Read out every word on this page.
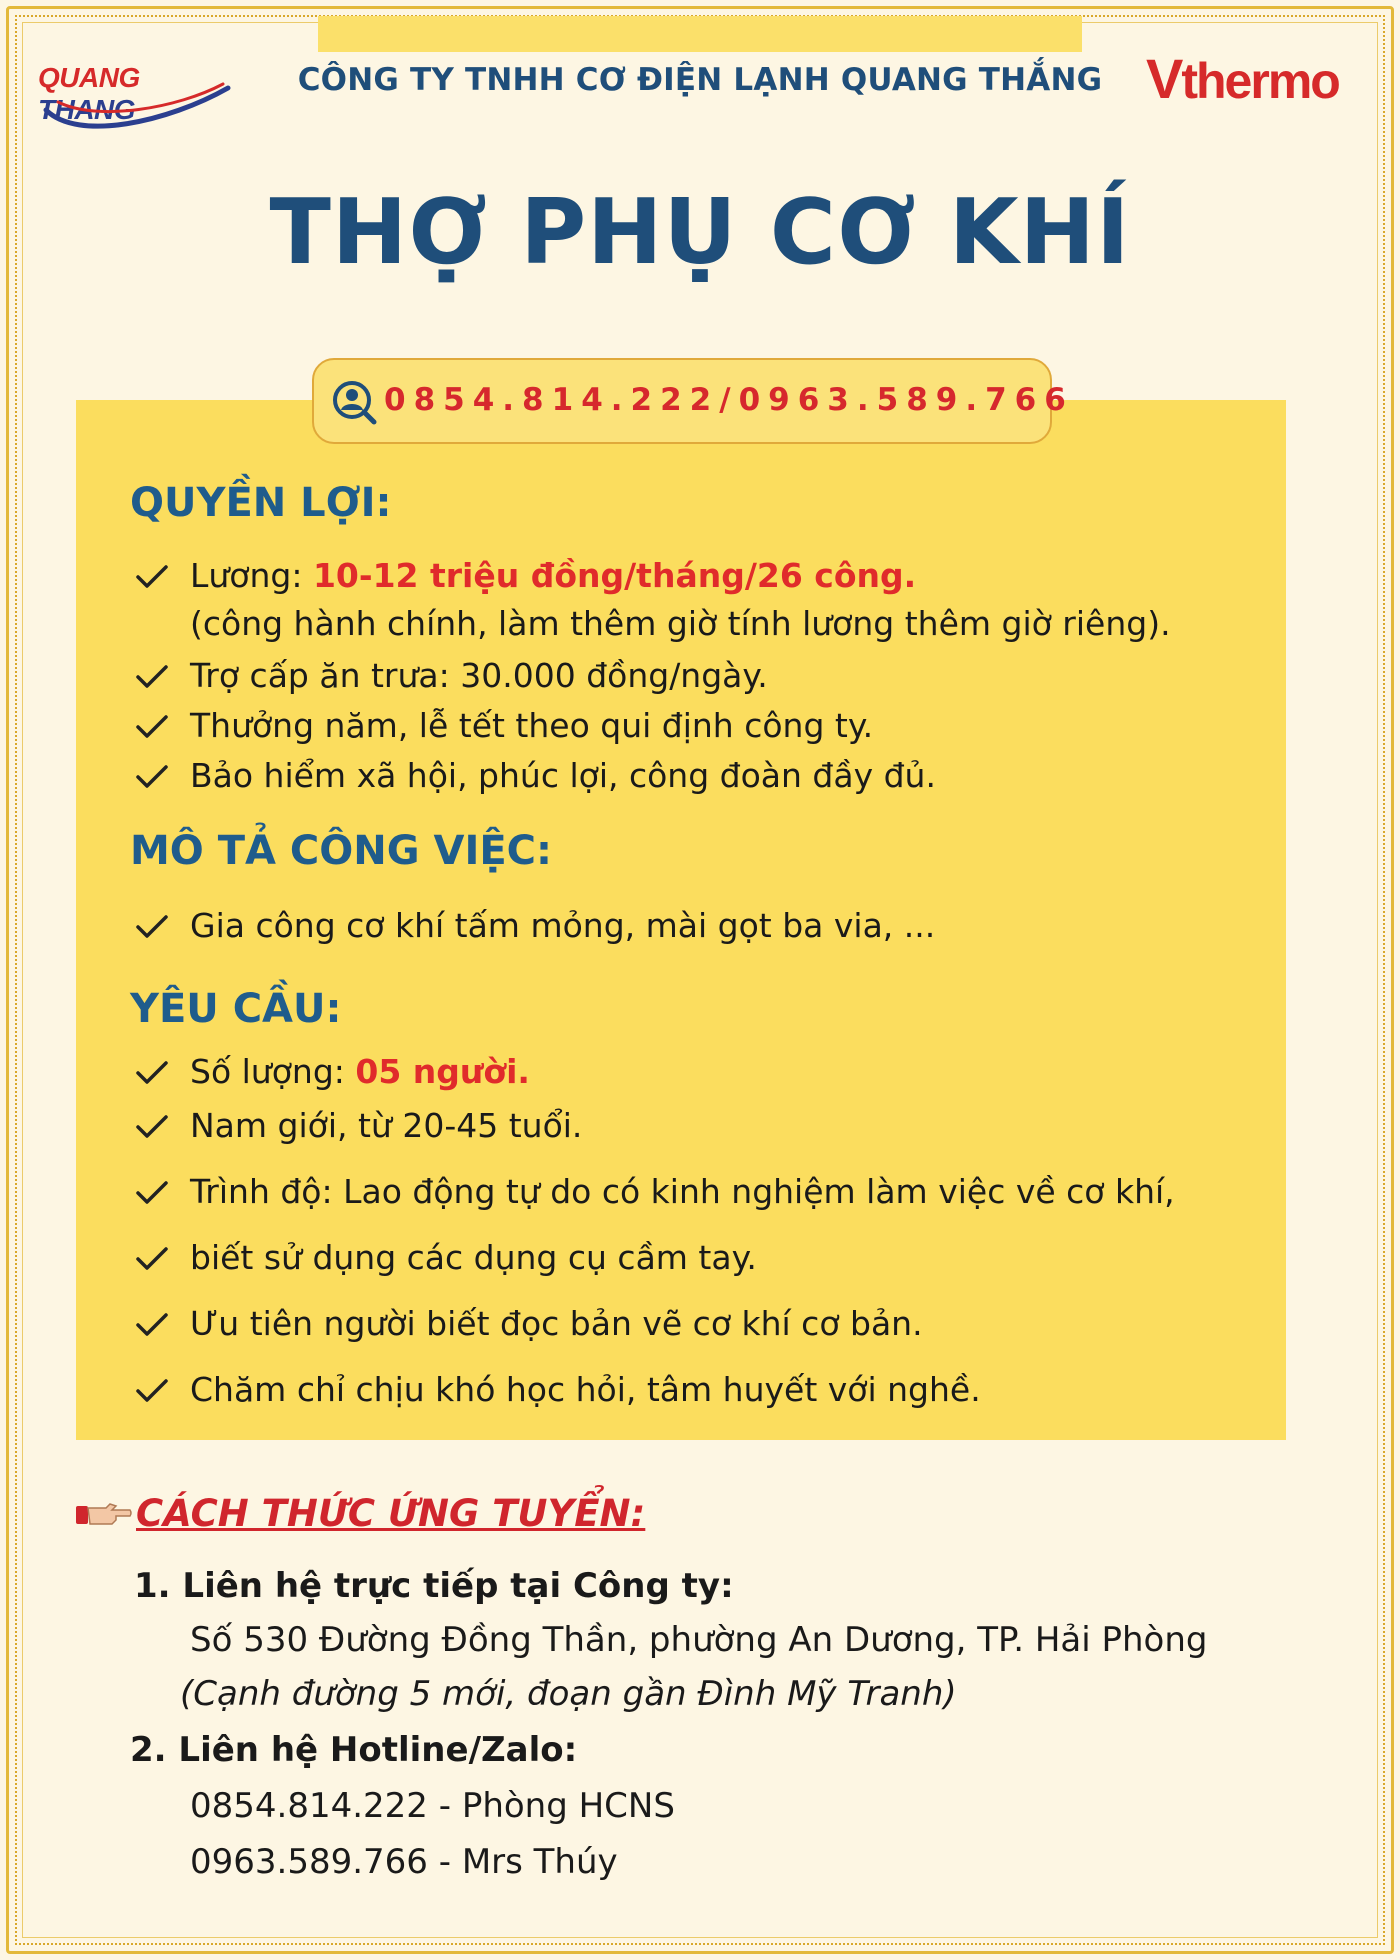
QUANG THANG
CÔNG TY TNHH CƠ ĐIỆN LẠNH QUANG THẮNG Vthermo
THỢ PHỤ CƠ KHÍ
0854.814.222/0963.589.766
QUYỀN LỢI:
Lương: 10-12 triệu đồng/tháng/26 công.
(công hành chính, làm thêm giờ tính lương thêm giờ riêng).
Trợ cấp ăn trưa: 30.000 đồng/ngày.
Thưởng năm, lễ tết theo qui định công ty.
Bảo hiểm xã hội, phúc lợi, công đoàn đầy đủ.
MÔ TẢ CÔNG VIỆC:
Gia công cơ khí tấm mỏng, mài gọt ba via, ...
YÊU CẦU:
Số lượng: 05 người.
Nam giới, từ 20-45 tuổi.
Trình độ: Lao động tự do có kinh nghiệm làm việc về cơ khí,
biết sử dụng các dụng cụ cầm tay.
Ưu tiên người biết đọc bản vẽ cơ khí cơ bản.
Chăm chỉ chịu khó học hỏi, tâm huyết với nghề.
CÁCH THỨC ỨNG TUYỂN:
1. Liên hệ trực tiếp tại Công ty:
Số 530 Đường Đồng Thần, phường An Dương, TP. Hải Phòng
(Cạnh đường 5 mới, đoạn gần Đình Mỹ Tranh)
2. Liên hệ Hotline/Zalo:
0854.814.222 - Phòng HCNS
0963.589.766 - Mrs Thúy
